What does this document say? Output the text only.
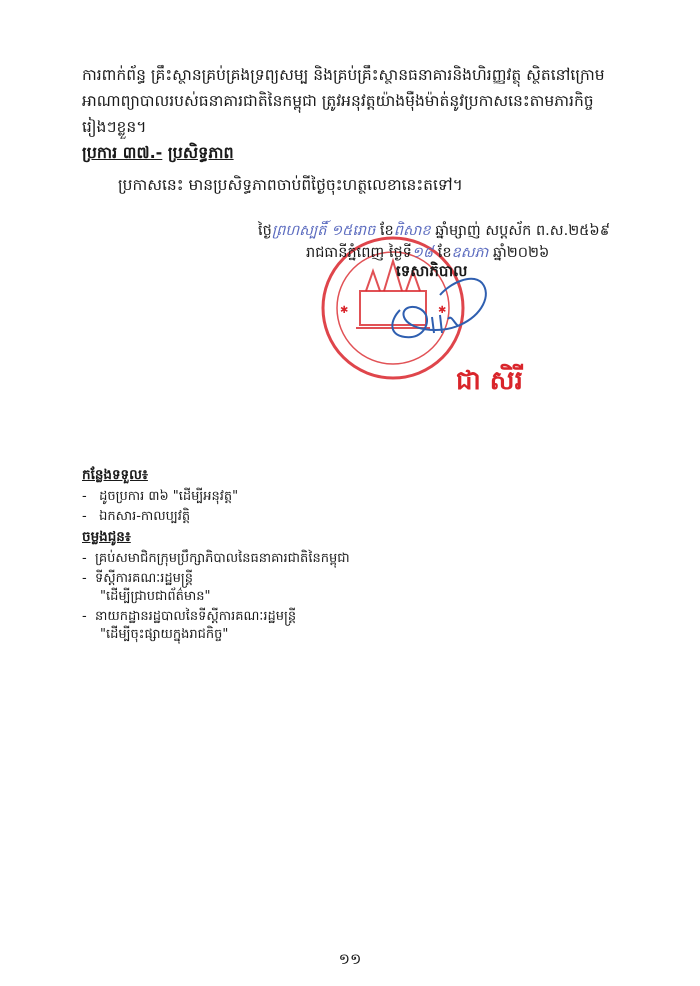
ការពាក់ព័ន្ធ គ្រឹះស្ថានគ្រប់គ្រងទ្រព្យសម្ប និងគ្រប់គ្រឹះស្ថានធនាគារនិងហិរញ្ញវត្ថុ ស្ថិតនៅក្រោម
អាណាព្យាបាលរបស់ធនាគារជាតិនៃកម្ពុជា ត្រូវអនុវត្តយ៉ាងម៉ឺងម៉ាត់នូវប្រកាសនេះតាមភារកិច្ច
រៀងៗខ្លួន។
ប្រការ ៣៧.- ប្រសិទ្ធភាព
ប្រកាសនេះ មានប្រសិទ្ធភាពចាប់ពីថ្ងៃចុះហត្ថលេខានេះតទៅ។
✱	✱
ថ្ងៃព្រហស្បតិ៍ ១៥រោច ខែពិសាខ ឆ្នាំម្សាញ់ សប្តស័ក ព.ស.២៥៦៩
រាជធានីភ្នំពេញ ថ្ងៃទី១៨ ខែឧសភា ឆ្នាំ២០២៦
ទេសាភិបាល
ជា សិរី
កន្លែងទទួល៖
-   ដូចប្រការ ៣៦ "ដើម្បីអនុវត្ត"
-   ឯកសារ-កាលប្បវត្តិ
ចម្លងជូន៖
-  គ្រប់សមាជិកក្រុមប្រឹក្សាភិបាលនៃធនាគារជាតិនៃកម្ពុជា
-  ទីស្តីការគណៈរដ្ឋមន្ត្រី
"ដើម្បីជ្រាបជាព័ត៌មាន"
-  នាយកដ្ឋានរដ្ឋបាលនៃទីស្តីការគណៈរដ្ឋមន្ត្រី
"ដើម្បីចុះផ្សាយក្នុងរាជកិច្ច"
១១
